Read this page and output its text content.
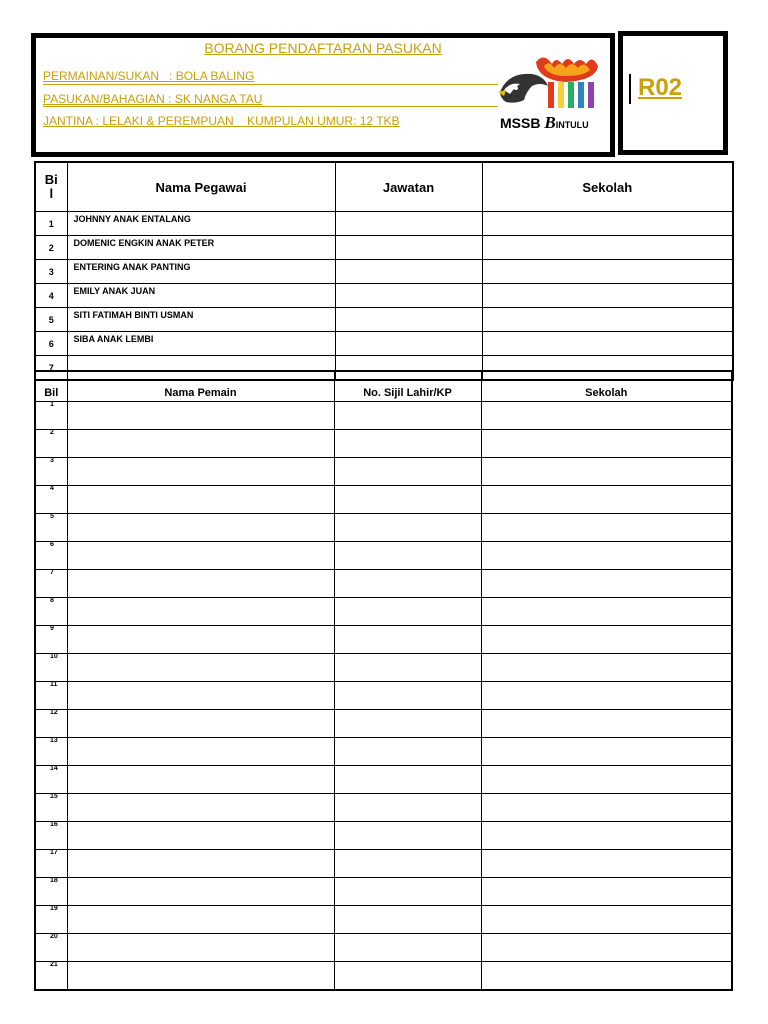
BORANG PENDAFTARAN PASUKAN
PERMAINAN/SUKAN   : BOLA BALING
PASUKAN/BAHAGIAN : SK NANGA TAU
JANTINA : LELAKI & PEREMPUAN    KUMPULAN UMUR: 12 TKB	MSSB BINTULU
R02
Bi l	Nama Pegawai	Jawatan	Sekolah
1	JOHNNY ANAK ENTALANG		
2	DOMENIC ENGKIN ANAK PETER		
3	ENTERING ANAK PANTING		
4	EMILY ANAK JUAN		
5	SITI FATIMAH BINTI USMAN		
6	SIBA ANAK LEMBI		
7			
Bil	Nama Pemain	No. Sijil Lahir/KP	Sekolah

1			

2			

3			

4			

5			

6			

7			

8			

9			

10			

11			

12			

13			

14			

15			

16			

17			

18			

19			

20			

21			
